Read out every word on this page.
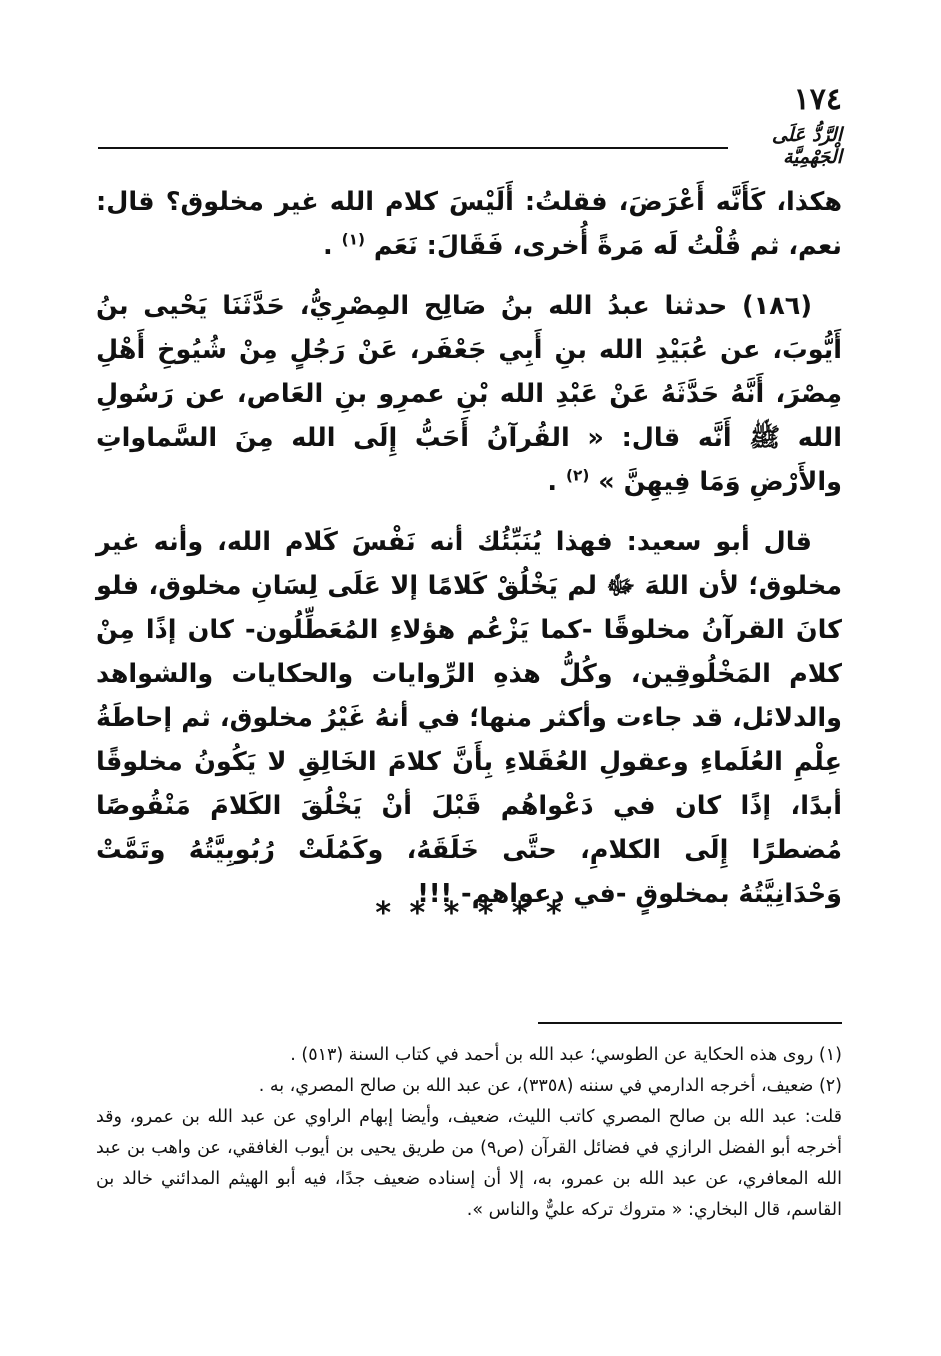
١٧٤
الرَّدُّ عَلَى الْجَهْمِيَّة

هكذا، كَأَنَّه أَعْرَضَ، فقلتُ: أَلَيْسَ كلام الله غير مخلوق؟ قال: نعم، ثم قُلْتُ لَه مَرةً أُخرى، فَقَالَ: نَعَم $^{(١)}$ .

(١٨٦) حدثنا عبدُ الله بنُ صَالِح المِصْرِيُّ، حَدَّثَنَا يَحْيى بنُ أَيُّوبَ، عن عُبَيْدِ الله بنِ أَبِي جَعْفَر، عَنْ رَجُلٍ مِنْ شُيُوخِ أَهْلِ مِصْرَ، أَنَّهُ حَدَّثَهُ عَنْ عَبْدِ الله بْنِ عمرِو بنِ العَاص، عن رَسُولِ الله ﷺ أَنَّه قال: « القُرآنُ أَحَبُّ إِلَى الله مِنَ السَّماواتِ والأَرْضِ وَمَا فِيهِنَّ » $^{(٢)}$ .

قال أبو سعيد: فهذا يُنَبِّئُك أنه نَفْسَ كَلام الله، وأنه غير مخلوق؛ لأن اللهَ ﷻ لم يَخْلُقْ كَلامًا إلا عَلَى لِسَانِ مخلوق، فلو كانَ القرآنُ مخلوقًا -كما يَزْعُم هؤلاءِ المُعَطِّلُون- كان إذًا مِنْ كلام المَخْلُوقِين، وكُلُّ هذهِ الرِّوايات والحكايات والشواهد والدلائل، قد جاءت وأكثر منها؛ في أنهُ غَيْرُ مخلوق، ثم إحاطَةُ عِلْمِ العُلَماءِ وعقولِ العُقَلاءِ بِأَنَّ كلامَ الخَالِقِ لا يَكُونُ مخلوقًا أبدًا، إذًا كان في دَعْواهُم قَبْلَ أنْ يَخْلُقَ الكَلامَ مَنْقُوصًا مُضطرًا إِلَى الكلامِ، حتَّى خَلَقَهُ، وكَمُلَتْ رُبُوبِيَّتُهُ وتَمَّتْ وَحْدَانِيَّتُهُ بمخلوقٍ -في دعواهم- !!!

* * * * * *

(١) روى هذه الحكاية عن الطوسي؛ عبد الله بن أحمد في كتاب السنة (٥١٣) .

(٢) ضعيف، أخرجه الدارمي في سننه (٣٣٥٨)، عن عبد الله بن صالح المصري، به .

قلت: عبد الله بن صالح المصري كاتب الليث، ضعيف، وأيضا إبهام الراوي عن عبد الله بن عمرو، وقد أخرجه أبو الفضل الرازي في فضائل القرآن (ص٩) من طريق يحيى بن أيوب الغافقي، عن واهب بن عبد الله المعافري، عن عبد الله بن عمرو، به، إلا أن إسناده ضعيف جدًا، فيه أبو الهيثم المدائني خالد بن القاسم، قال البخاري: « متروك تركه عليٌّ والناس ».
